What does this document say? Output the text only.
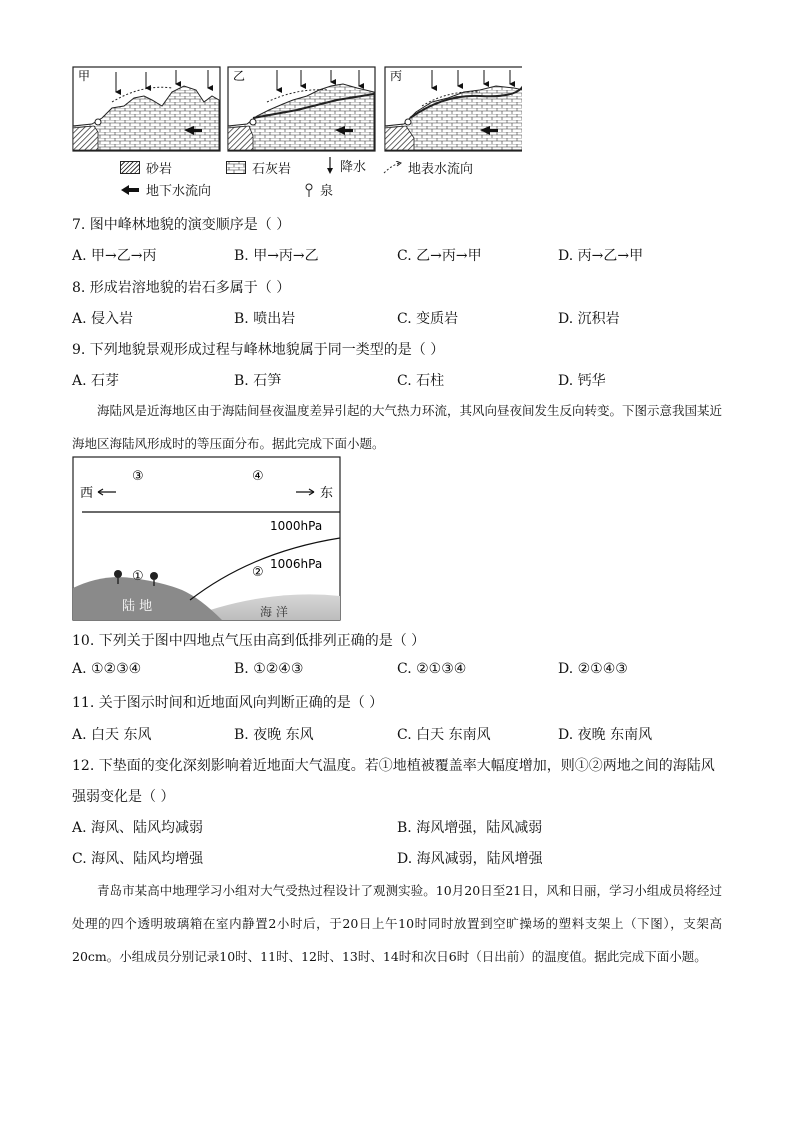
甲	乙	丙
砂岩	石灰岩	降水	地表水流向
地下水流向	泉
7. 图中峰林地貌的演变顺序是（ ）
A. 甲→乙→丙	B. 甲→丙→乙	C. 乙→丙→甲	D. 丙→乙→甲
8. 形成岩溶地貌的岩石多属于（ ）
A. 侵入岩	B. 喷出岩	C. 变质岩	D. 沉积岩
9. 下列地貌景观形成过程与峰林地貌属于同一类型的是（ ）
A. 石芽	B. 石笋	C. 石柱	D. 钙华
海陆风是近海地区由于海陆间昼夜温度差异引起的大气热力环流，其风向昼夜间发生反向转变。下图示意我国某近海地区海陆风形成时的等压面分布。据此完成下面小题。
西	东
③	④
①	②
1000hPa
1006hPa
陆 地	海 洋
10. 下列关于图中四地点气压由高到低排列正确的是（ ）
A. ①②③④	B. ①②④③	C. ②①③④	D. ②①④③
11. 关于图示时间和近地面风向判断正确的是（ ）
A. 白天 东风	B. 夜晚 东风	C. 白天 东南风	D. 夜晚 东南风
12. 下垫面的变化深刻影响着近地面大气温度。若①地植被覆盖率大幅度增加，则①②两地之间的海陆风
强弱变化是（ ）
A. 海风、陆风均减弱	B. 海风增强，陆风减弱
C. 海风、陆风均增强	D. 海风减弱，陆风增强
青岛市某高中地理学习小组对大气受热过程设计了观测实验。10月20日至21日，风和日丽，学习小组成员将经过处理的四个透明玻璃箱在室内静置2小时后，于20日上午10时同时放置到空旷操场的塑料支架上（下图），支架高20cm。小组成员分别记录10时、11时、12时、13时、14时和次日6时（日出前）的温度值。据此完成下面小题。
